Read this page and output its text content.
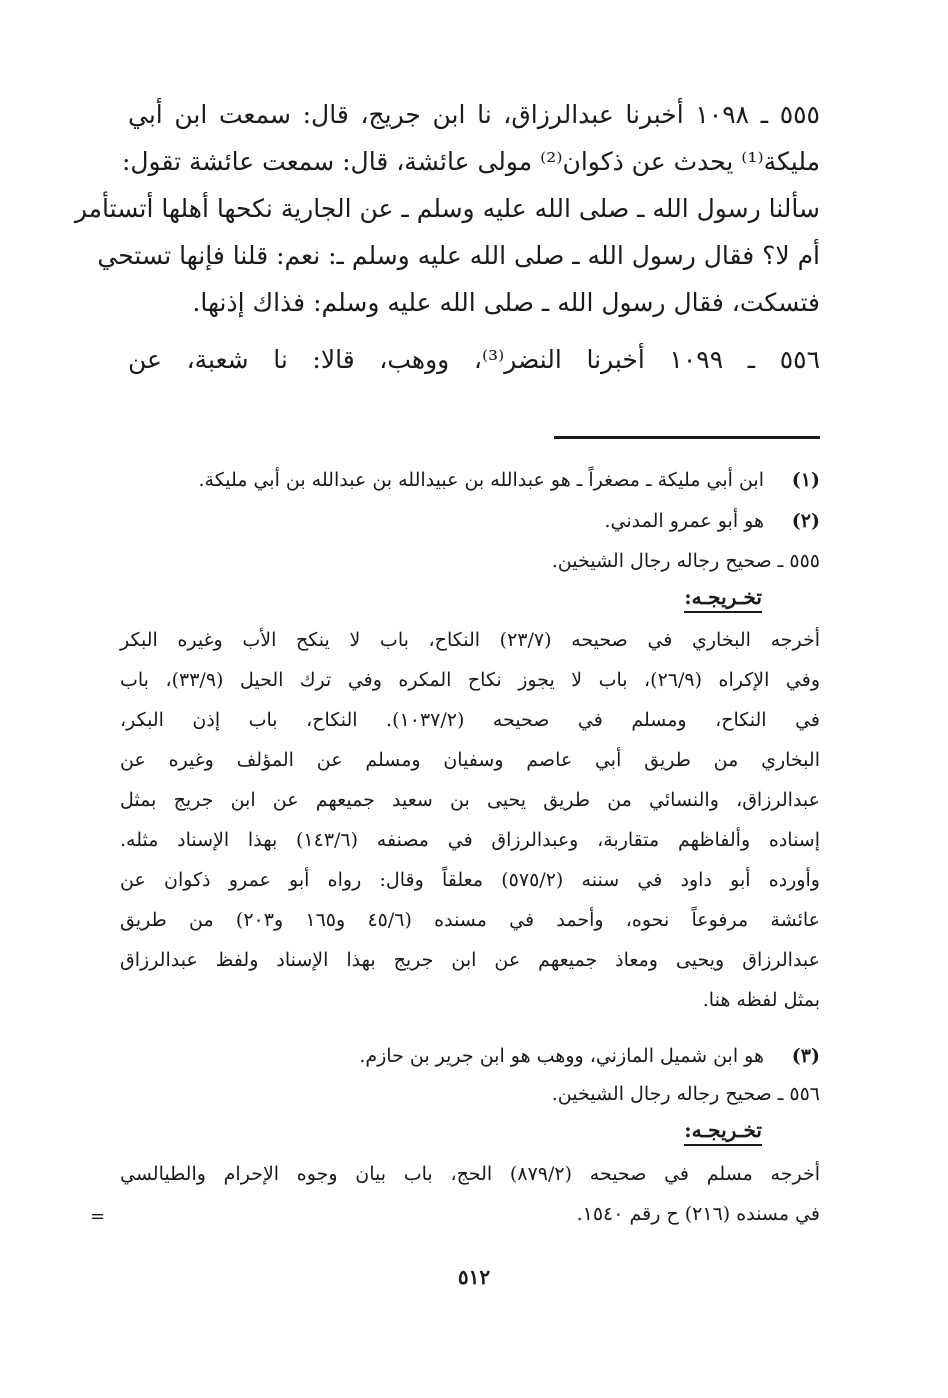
٥٥٥ ـ ١٠٩٨ أخبرنا عبدالرزاق، نا ابن جريج، قال: سمعت ابن أبي
مليكة⁽¹⁾ يحدث عن ذكوان⁽²⁾ مولى عائشة، قال: سمعت عائشة تقول:
سألنا رسول الله ـ صلى الله عليه وسلم ـ عن الجارية نكحها أهلها أتستأمر
أم لا؟ فقال رسول الله ـ صلى الله عليه وسلم ـ: نعم: قلنا فإنها تستحي
فتسكت، فقال رسول الله ـ صلى الله عليه وسلم: فذاك إذنها.
٥٥٦ ـ ١٠٩٩ أخبرنا النضر⁽³⁾، ووهب، قالا: نا شعبة، عن
(١)ابن أبي مليكة ـ مصغراً ـ هو عبدالله بن عبيدالله بن عبدالله بن أبي مليكة.
(٢)هو أبو عمرو المدني.
٥٥٥ ـ صحيح رجاله رجال الشيخين.
تخـريجـه:
أخرجه البخاري في صحيحه (٢٣/٧) النكاح، باب لا ينكح الأب وغيره البكر
وفي الإكراه (٢٦/٩)، باب لا يجوز نكاح المكره وفي ترك الحيل (٣٣/٩)، باب
في النكاح، ومسلم في صحيحه (١٠٣٧/٢). النكاح، باب إذن البكر،
البخاري من طريق أبي عاصم وسفيان ومسلم عن المؤلف وغيره عن
عبدالرزاق، والنسائي من طريق يحيى بن سعيد جميعهم عن ابن جريج بمثل
إسناده وألفاظهم متقاربة، وعبدالرزاق في مصنفه (١٤٣/٦) بهذا الإسناد مثله.
وأورده أبو داود في سننه (٥٧٥/٢) معلقاً وقال: رواه أبو عمرو ذكوان عن
عائشة مرفوعاً نحوه، وأحمد في مسنده (٤٥/٦ و١٦٥ و٢٠٣) من طريق
عبدالرزاق ويحيى ومعاذ جميعهم عن ابن جريج بهذا الإسناد ولفظ عبدالرزاق
بمثل لفظه هنا.
(٣)هو ابن شميل المازني، ووهب هو ابن جرير بن حازم.
٥٥٦ ـ صحيح رجاله رجال الشيخين.
تخـريجـه:
أخرجه مسلم في صحيحه (٨٧٩/٢) الحج، باب بيان وجوه الإحرام والطيالسي
في مسنده (٢١٦) ح رقم ١٥٤٠.
٥١٢
=
